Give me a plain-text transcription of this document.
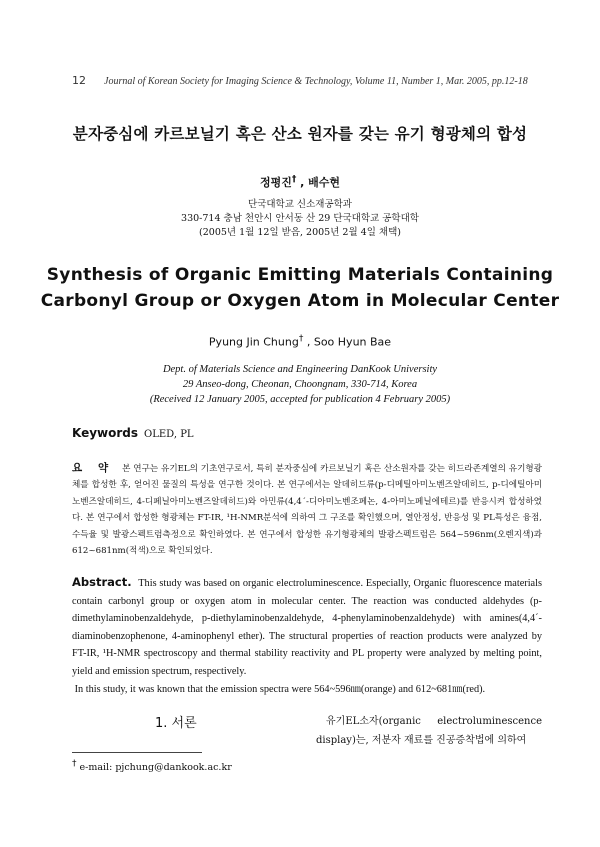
12 Journal of Korean Society for Imaging Science & Technology, Volume 11, Number 1, Mar. 2005, pp.12-18
분자중심에 카르보닐기 혹은 산소 원자를 갖는 유기 형광체의 합성
정평진† , 배수현
단국대학교 신소재공학과
330-714 충남 천안시 안서동 산 29 단국대학교 공학대학
(2005년 1월 12일 받음, 2005년 2월 4일 채택)
Synthesis of Organic Emitting Materials Containing
Carbonyl Group or Oxygen Atom in Molecular Center
Pyung Jin Chung† , Soo Hyun Bae
Dept. of Materials Science and Engineering DanKook University
29 Anseo-dong, Cheonan, Choongnam, 330-714, Korea
(Received 12 January 2005, accepted for publication 4 February 2005)
Keywords OLED, PL
요 약 본 연구는 유기EL의 기초연구로서, 특히 분자중심에 카르보닐기 혹은 산소원자를 갖는 히드라존계열의 유기형광체를 합성한 후, 얻어진 물질의 특성을 연구한 것이다. 본 연구에서는 알데히드류(p-디메틸아미노벤즈알데히드, p-디에틸아미노벤즈알데히드, 4-디페닐아미노벤즈알데히드)와 아민류(4,4´-디아미노벤조페논, 4-아미노페닐에테르)를 반응시켜 합성하였다. 본 연구에서 합성한 형광체는 FT-IR, ¹H-NMR분석에 의하여 그 구조를 확인했으며, 열안정성, 반응성 및 PL특성은 융점, 수득율 및 발광스펙트럼측정으로 확인하였다. 본 연구에서 합성한 유기형광체의 발광스펙트럼은 564~596nm(오렌지색)과 612~681nm(적색)으로 확인되었다.

Abstract. This study was based on organic electroluminescence. Especially, Organic fluorescence materials contain carbonyl group or oxygen atom in molecular center. The reaction was conducted aldehydes (p-dimethylaminobenzaldehyde, p-diethylaminobenzaldehyde, 4-phenylaminobenzaldehyde) with amines(4,4´-diaminobenzophenone, 4-aminophenyl ether). The structural properties of reaction products were analyzed by FT-IR, ¹H-NMR spectroscopy and thermal stability reactivity and PL property were analyzed by melting point, yield and emission spectrum, respectively.

In this study, it was known that the emission spectra were 564~596㎚(orange) and 612~681㎚(red).

1. 서론	유기EL소자(organic electroluminescence display)는, 저분자 재료를 진공증착법에 의하여
† e-mail: pjchung@dankook.ac.kr
